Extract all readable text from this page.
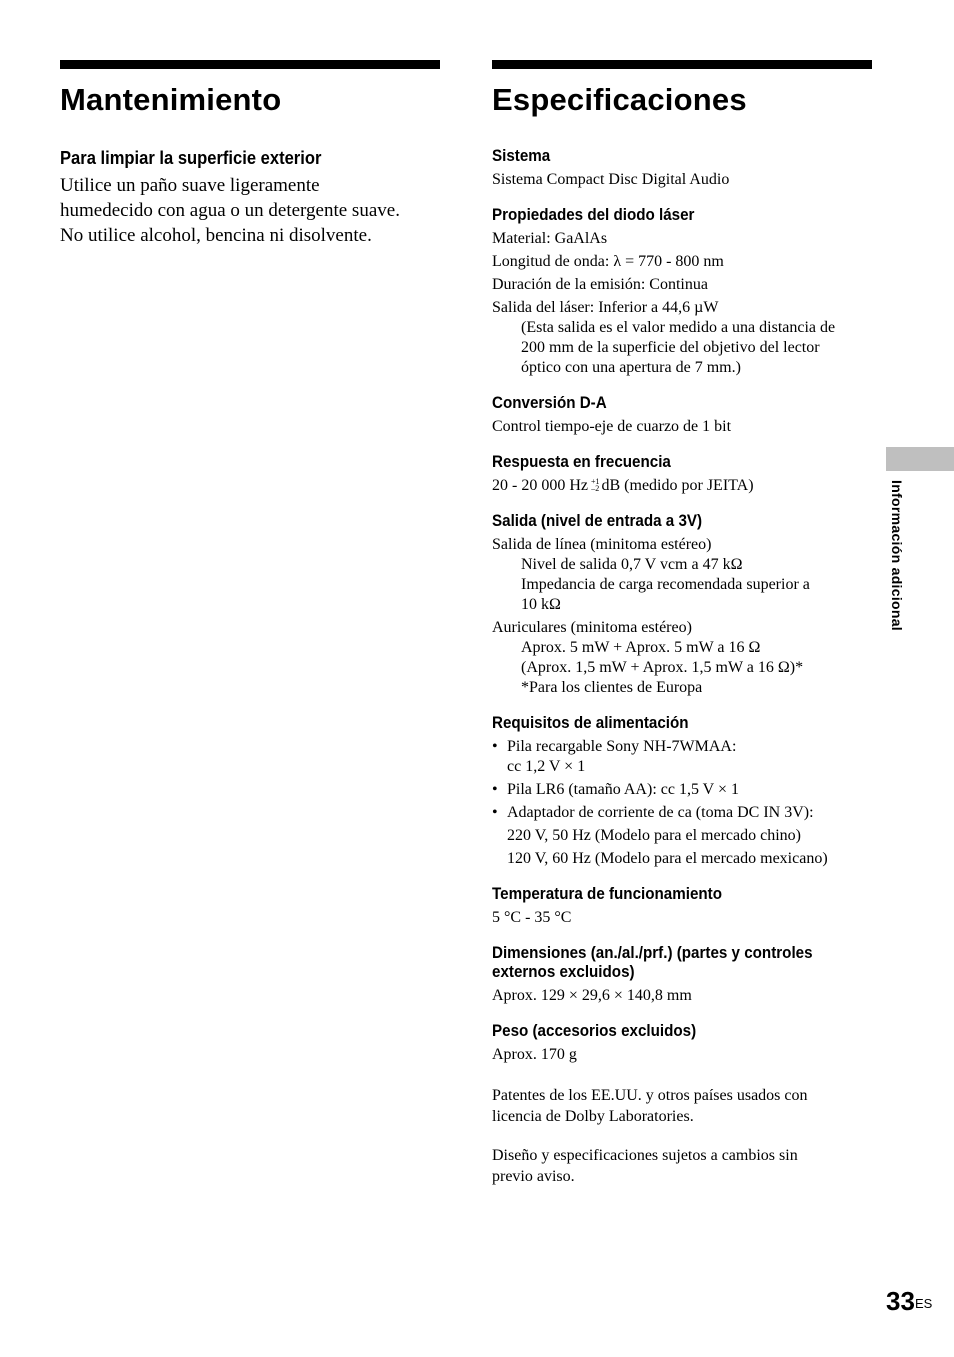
Mantenimiento
Para limpiar la superficie exterior

Utilice un paño suave ligeramente

humedecido con agua o un detergente suave.

No utilice alcohol, bencina ni disolvente.

Especificaciones
Sistema

Sistema Compact Disc Digital Audio

Propiedades del diodo láser

Material: GaAlAs

Longitud de onda: λ = 770 - 800 nm

Duración de la emisión: Continua

Salida del láser: Inferior a 44,6 µW

(Esta salida es el valor medido a una distancia de

200 mm de la superficie del objetivo del lector

óptico con una apertura de 7 mm.)

Conversión D-A

Control tiempo-eje de cuarzo de 1 bit

Respuesta en frecuencia

20 - 20 000 Hz +1
–2 dB (medido por JEITA)

Salida (nivel de entrada a 3V)

Salida de línea (minitoma estéreo)

Nivel de salida 0,7 V vcm a 47 kΩ

Impedancia de carga recomendada superior a

10 kΩ

Auriculares (minitoma estéreo)

Aprox. 5 mW + Aprox. 5 mW a 16 Ω

(Aprox. 1,5 mW + Aprox. 1,5 mW a 16 Ω)*

*Para los clientes de Europa

Requisitos de alimentación
• Pila recargable Sony NH-7WMAA:
cc 1,2 V × 1
• Pila LR6 (tamaño AA): cc 1,5 V × 1
• Adaptador de corriente de ca (toma DC IN 3V):

220 V, 50 Hz (Modelo para el mercado chino)

120 V, 60 Hz (Modelo para el mercado mexicano)

Temperatura de funcionamiento

5 °C - 35 °C

Dimensiones (an./al./prf.) (partes y controles
externos excluidos)

Aprox. 129 × 29,6 × 140,8 mm

Peso (accesorios excluidos)

Aprox. 170 g

Patentes de los EE.UU. y otros países usados con

licencia de Dolby Laboratories.

Diseño y especificaciones sujetos a cambios sin

previo aviso.

Información adicional
33 ES
